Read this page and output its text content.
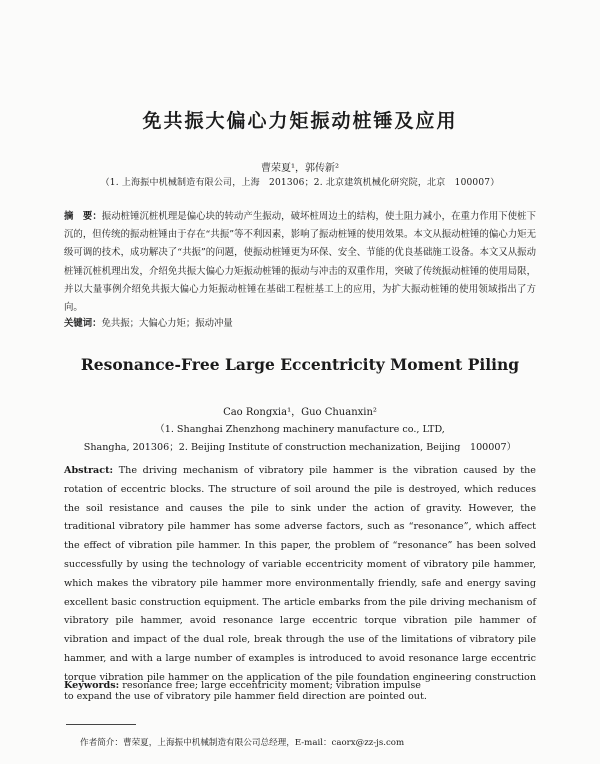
免共振大偏心力矩振动桩锤及应用
曹荣夏¹，郭传新²
（1. 上海振中机械制造有限公司，上海　201306；2. 北京建筑机械化研究院，北京　100007）
摘　要：振动桩锤沉桩机理是偏心块的转动产生振动，破坏桩周边土的结构，使土阻力减小，在重力作用下使桩下沉的，但传统的振动桩锤由于存在“共振”等不利因素，影响了振动桩锤的使用效果。本文从振动桩锤的偏心力矩无级可调的技术，成功解决了“共振”的问题，使振动桩锤更为环保、安全、节能的优良基础施工设备。本文又从振动桩锤沉桩机理出发，介绍免共振大偏心力矩振动桩锤的振动与冲击的双重作用，突破了传统振动桩锤的使用局限，并以大量事例介绍免共振大偏心力矩振动桩锤在基础工程桩基工上的应用，为扩大振动桩锤的使用领域指出了方向。
关键词：免共振；大偏心力矩；振动冲量
Resonance-Free Large Eccentricity Moment Piling
Cao Rongxia¹，Guo Chuanxin²
（1. Shanghai Zhenzhong machinery manufacture co., LTD,
Shangha, 201306；2. Beijing Institute of construction mechanization, Beijing　100007）
Abstract: The driving mechanism of vibratory pile hammer is the vibration caused by the rotation of eccentric blocks. The structure of soil around the pile is destroyed, which reduces the soil resistance and causes the pile to sink under the action of gravity. However, the traditional vibratory pile hammer has some adverse factors, such as “resonance”, which affect the effect of vibration pile hammer. In this paper, the problem of “resonance” has been solved successfully by using the technology of variable eccentricity moment of vibratory pile hammer, which makes the vibratory pile hammer more environmentally friendly, safe and energy saving excellent basic construction equipment. The article embarks from the pile driving mechanism of vibratory pile hammer, avoid resonance large eccentric torque vibration pile hammer of vibration and impact of the dual role, break through the use of the limitations of vibratory pile hammer, and with a large number of examples is introduced to avoid resonance large eccentric torque vibration pile hammer on the application of the pile foundation engineering construction to expand the use of vibratory pile hammer field direction are pointed out.
Keywords: resonance free; large eccentricity moment; vibration impulse
作者简介：曹荣夏，上海振中机械制造有限公司总经理，E-mail：caorx@zz-js.com
